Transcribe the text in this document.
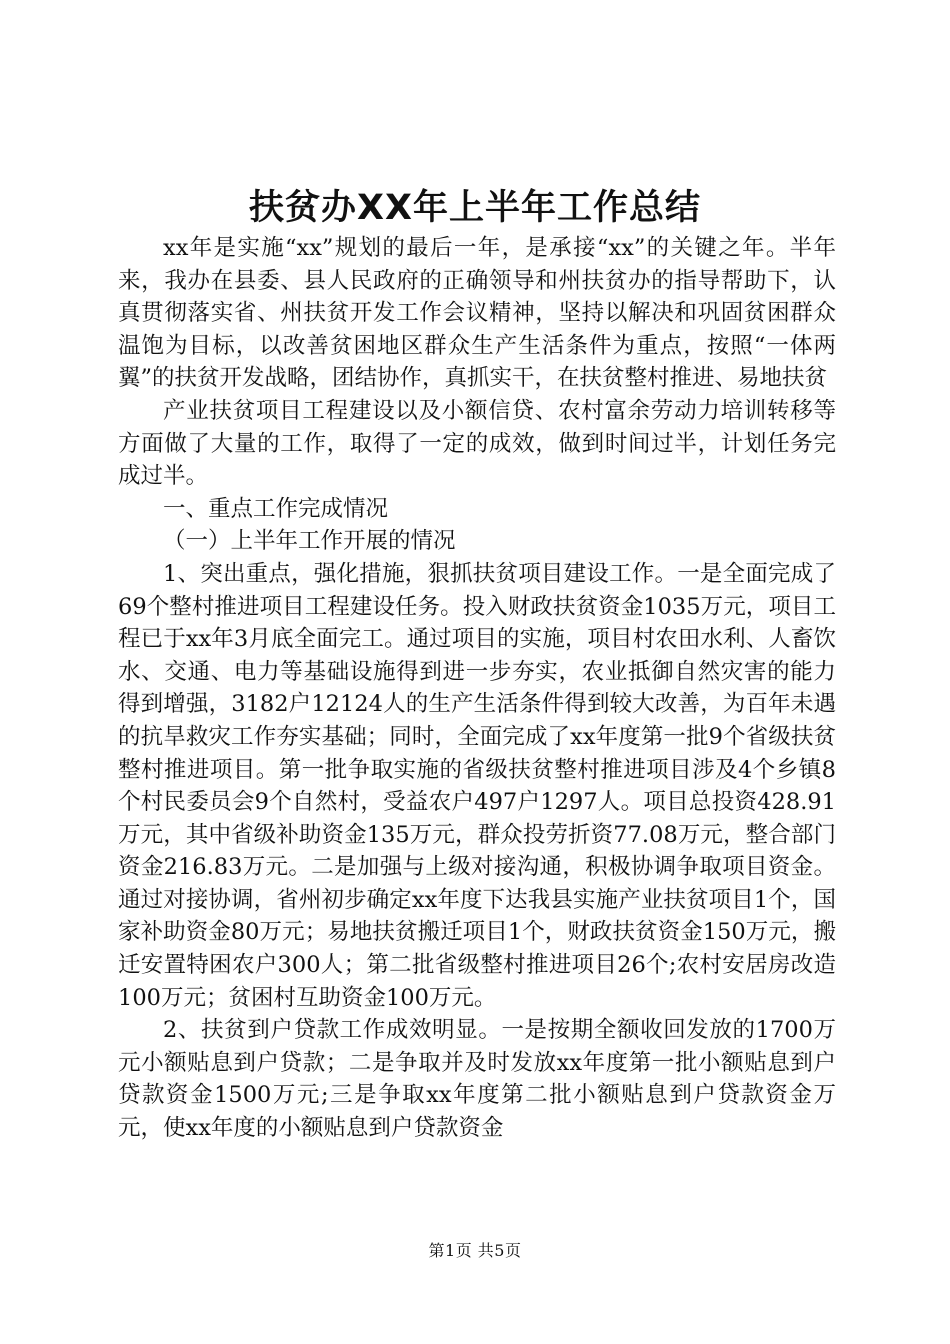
扶贫办XX年上半年工作总结

xx年是实施“xx”规划的最后一年，是承接“xx”的关键之年。半年来，我办在县委、县人民政府的正确领导和州扶贫办的指导帮助下，认真贯彻落实省、州扶贫开发工作会议精神，坚持以解决和巩固贫困群众温饱为目标，以改善贫困地区群众生产生活条件为重点，按照“一体两翼”的扶贫开发战略，团结协作，真抓实干，在扶贫整村推进、易地扶贫

产业扶贫项目工程建设以及小额信贷、农村富余劳动力培训转移等方面做了大量的工作，取得了一定的成效，做到时间过半，计划任务完成过半。

一、重点工作完成情况

（一）上半年工作开展的情况

1、突出重点，强化措施，狠抓扶贫项目建设工作。一是全面完成了69个整村推进项目工程建设任务。投入财政扶贫资金1035万元，项目工程已于xx年3月底全面完工。通过项目的实施，项目村农田水利、人畜饮水、交通、电力等基础设施得到进一步夯实，农业抵御自然灾害的能力得到增强，3182户12124人的生产生活条件得到较大改善，为百年未遇的抗旱救灾工作夯实基础；同时，全面完成了xx年度第一批9个省级扶贫整村推进项目。第一批争取实施的省级扶贫整村推进项目涉及4个乡镇8个村民委员会9个自然村，受益农户497户1297人。项目总投资428.91万元，其中省级补助资金135万元，群众投劳折资77.08万元，整合部门资金216.83万元。二是加强与上级对接沟通，积极协调争取项目资金。通过对接协调，省州初步确定xx年度下达我县实施产业扶贫项目1个，国家补助资金80万元；易地扶贫搬迁项目1个，财政扶贫资金150万元，搬迁安置特困农户300人；第二批省级整村推进项目26个;农村安居房改造100万元；贫困村互助资金100万元。

2、扶贫到户贷款工作成效明显。一是按期全额收回发放的1700万元小额贴息到户贷款；二是争取并及时发放xx年度第一批小额贴息到户贷款资金1500万元;三是争取xx年度第二批小额贴息到户贷款资金万元，使xx年度的小额贴息到户贷款资金

第1页 共5页
